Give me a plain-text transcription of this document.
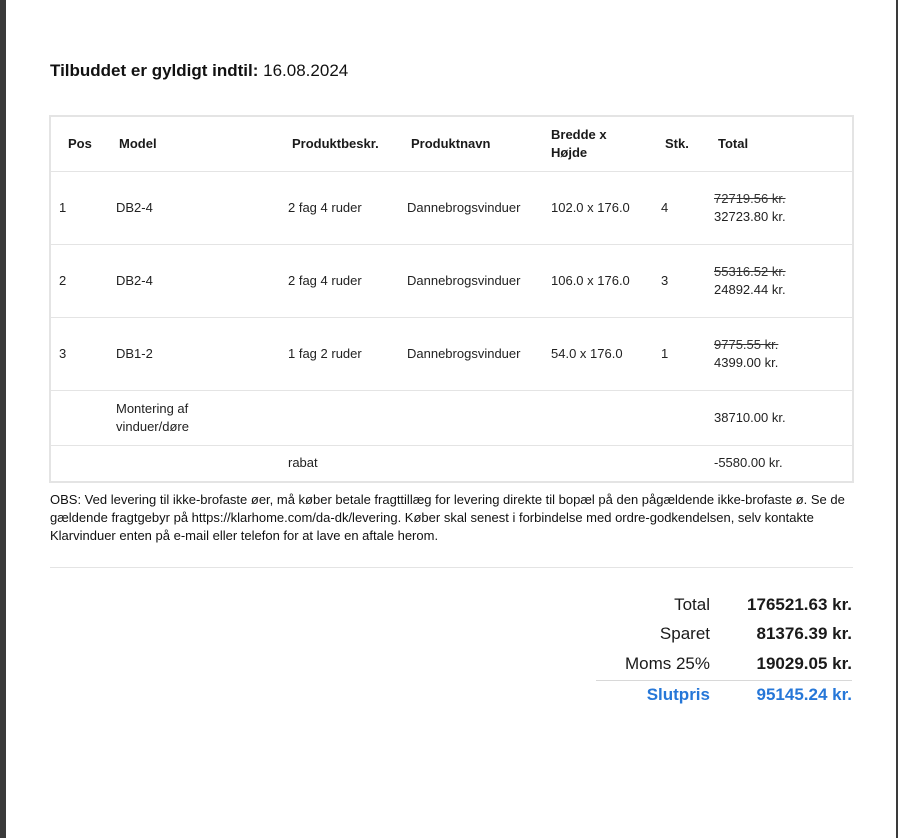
Tilbuddet er gyldigt indtil: 16.08.2024
Pos	Model	Produktbeskr.	Produktnavn	Bredde x Højde	Stk.	Total
1	DB2-4	2 fag 4 ruder	Dannebrogsvinduer	102.0 x 176.0	4	72719.56 kr.
32723.80 kr.

2	DB2-4	2 fag 4 ruder	Dannebrogsvinduer	106.0 x 176.0	3	55316.52 kr.
24892.44 kr.

3	DB1-2	1 fag 2 ruder	Dannebrogsvinduer	54.0 x 176.0	1	9775.55 kr.
4399.00 kr.

	Montering af vinduer/døre					38710.00 kr.
		rabat				-5580.00 kr.
OBS: Ved levering til ikke-brofaste øer, må køber betale fragttillæg for levering direkte til bopæl på den pågældende ikke-brofaste ø. Se de gældende fragtgebyr på https://klarhome.com/da-dk/levering. Køber skal senest i forbindelse med ordre-godkendelsen, selv kontakte Klarvinduer enten på e-mail eller telefon for at lave en aftale herom.
Total	176521.63 kr.
Sparet	81376.39 kr.
Moms 25%	19029.05 kr.
Slutpris	95145.24 kr.
